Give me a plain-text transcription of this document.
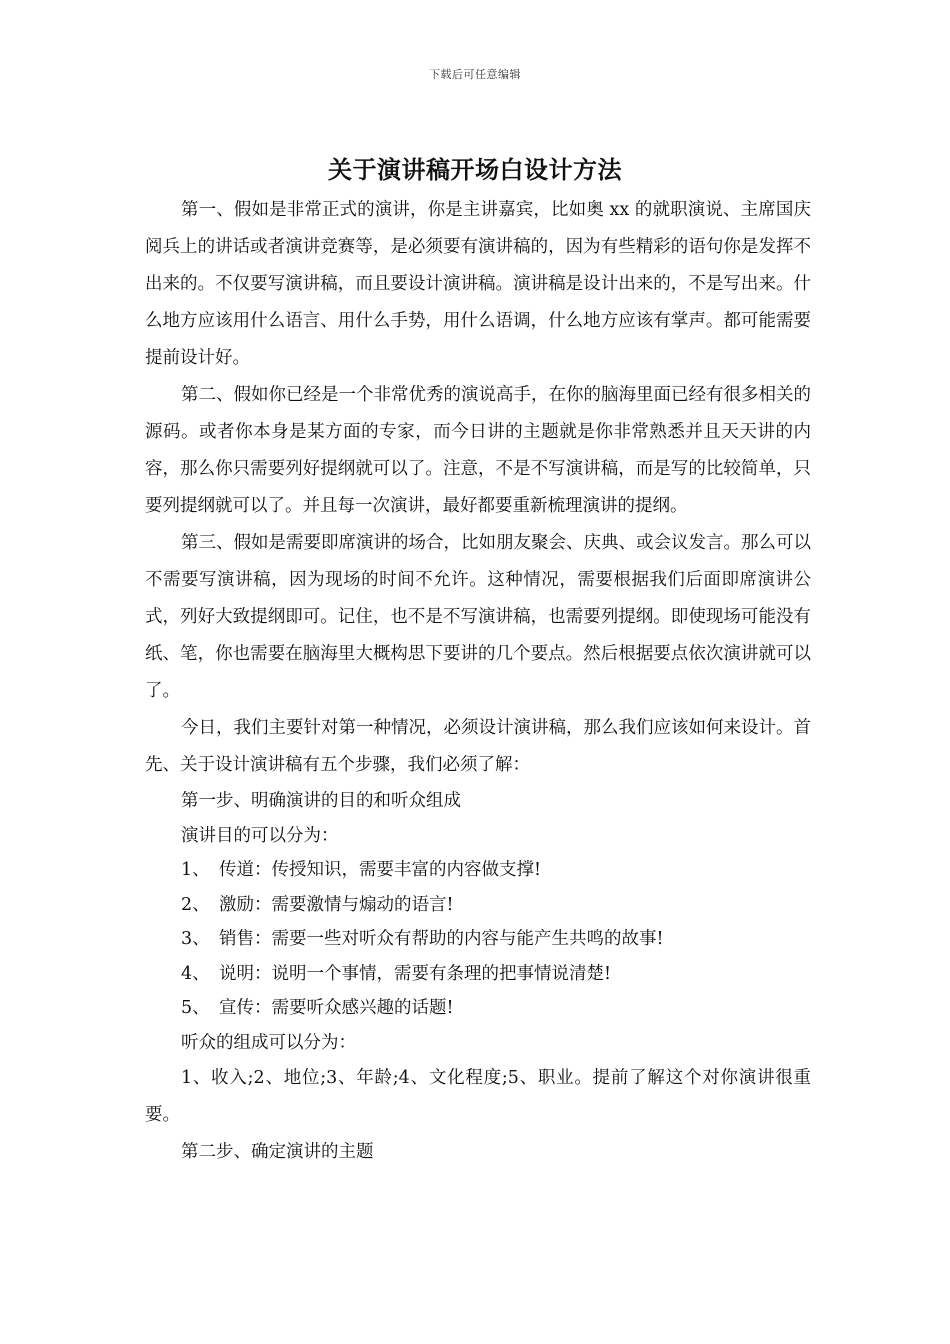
下载后可任意编辑
关于演讲稿开场白设计方法

第一、假如是非常正式的演讲，你是主讲嘉宾，比如奥 xx 的就职演说、主席国庆阅兵上的讲话或者演讲竞赛等，是必须要有演讲稿的，因为有些精彩的语句你是发挥不出来的。不仅要写演讲稿，而且要设计演讲稿。演讲稿是设计出来的，不是写出来。什么地方应该用什么语言、用什么手势，用什么语调，什么地方应该有掌声。都可能需要提前设计好。

第二、假如你已经是一个非常优秀的演说高手，在你的脑海里面已经有很多相关的源码。或者你本身是某方面的专家，而今日讲的主题就是你非常熟悉并且天天讲的内容，那么你只需要列好提纲就可以了。注意，不是不写演讲稿，而是写的比较简单，只要列提纲就可以了。并且每一次演讲，最好都要重新梳理演讲的提纲。

第三、假如是需要即席演讲的场合，比如朋友聚会、庆典、或会议发言。那么可以不需要写演讲稿，因为现场的时间不允许。这种情况，需要根据我们后面即席演讲公式，列好大致提纲即可。记住，也不是不写演讲稿，也需要列提纲。即使现场可能没有纸、笔，你也需要在脑海里大概构思下要讲的几个要点。然后根据要点依次演讲就可以了。

今日，我们主要针对第一种情况，必须设计演讲稿，那么我们应该如何来设计。首先、关于设计演讲稿有五个步骤，我们必须了解：

第一步、明确演讲的目的和听众组成

演讲目的可以分为：

1、 传道：传授知识，需要丰富的内容做支撑!
2、 激励：需要激情与煽动的语言!
3、 销售：需要一些对听众有帮助的内容与能产生共鸣的故事!
4、 说明：说明一个事情，需要有条理的把事情说清楚!
5、 宣传：需要听众感兴趣的话题!

听众的组成可以分为：

1、收入;2、地位;3、年龄;4、文化程度;5、职业。提前了解这个对你演讲很重要。

第二步、确定演讲的主题
